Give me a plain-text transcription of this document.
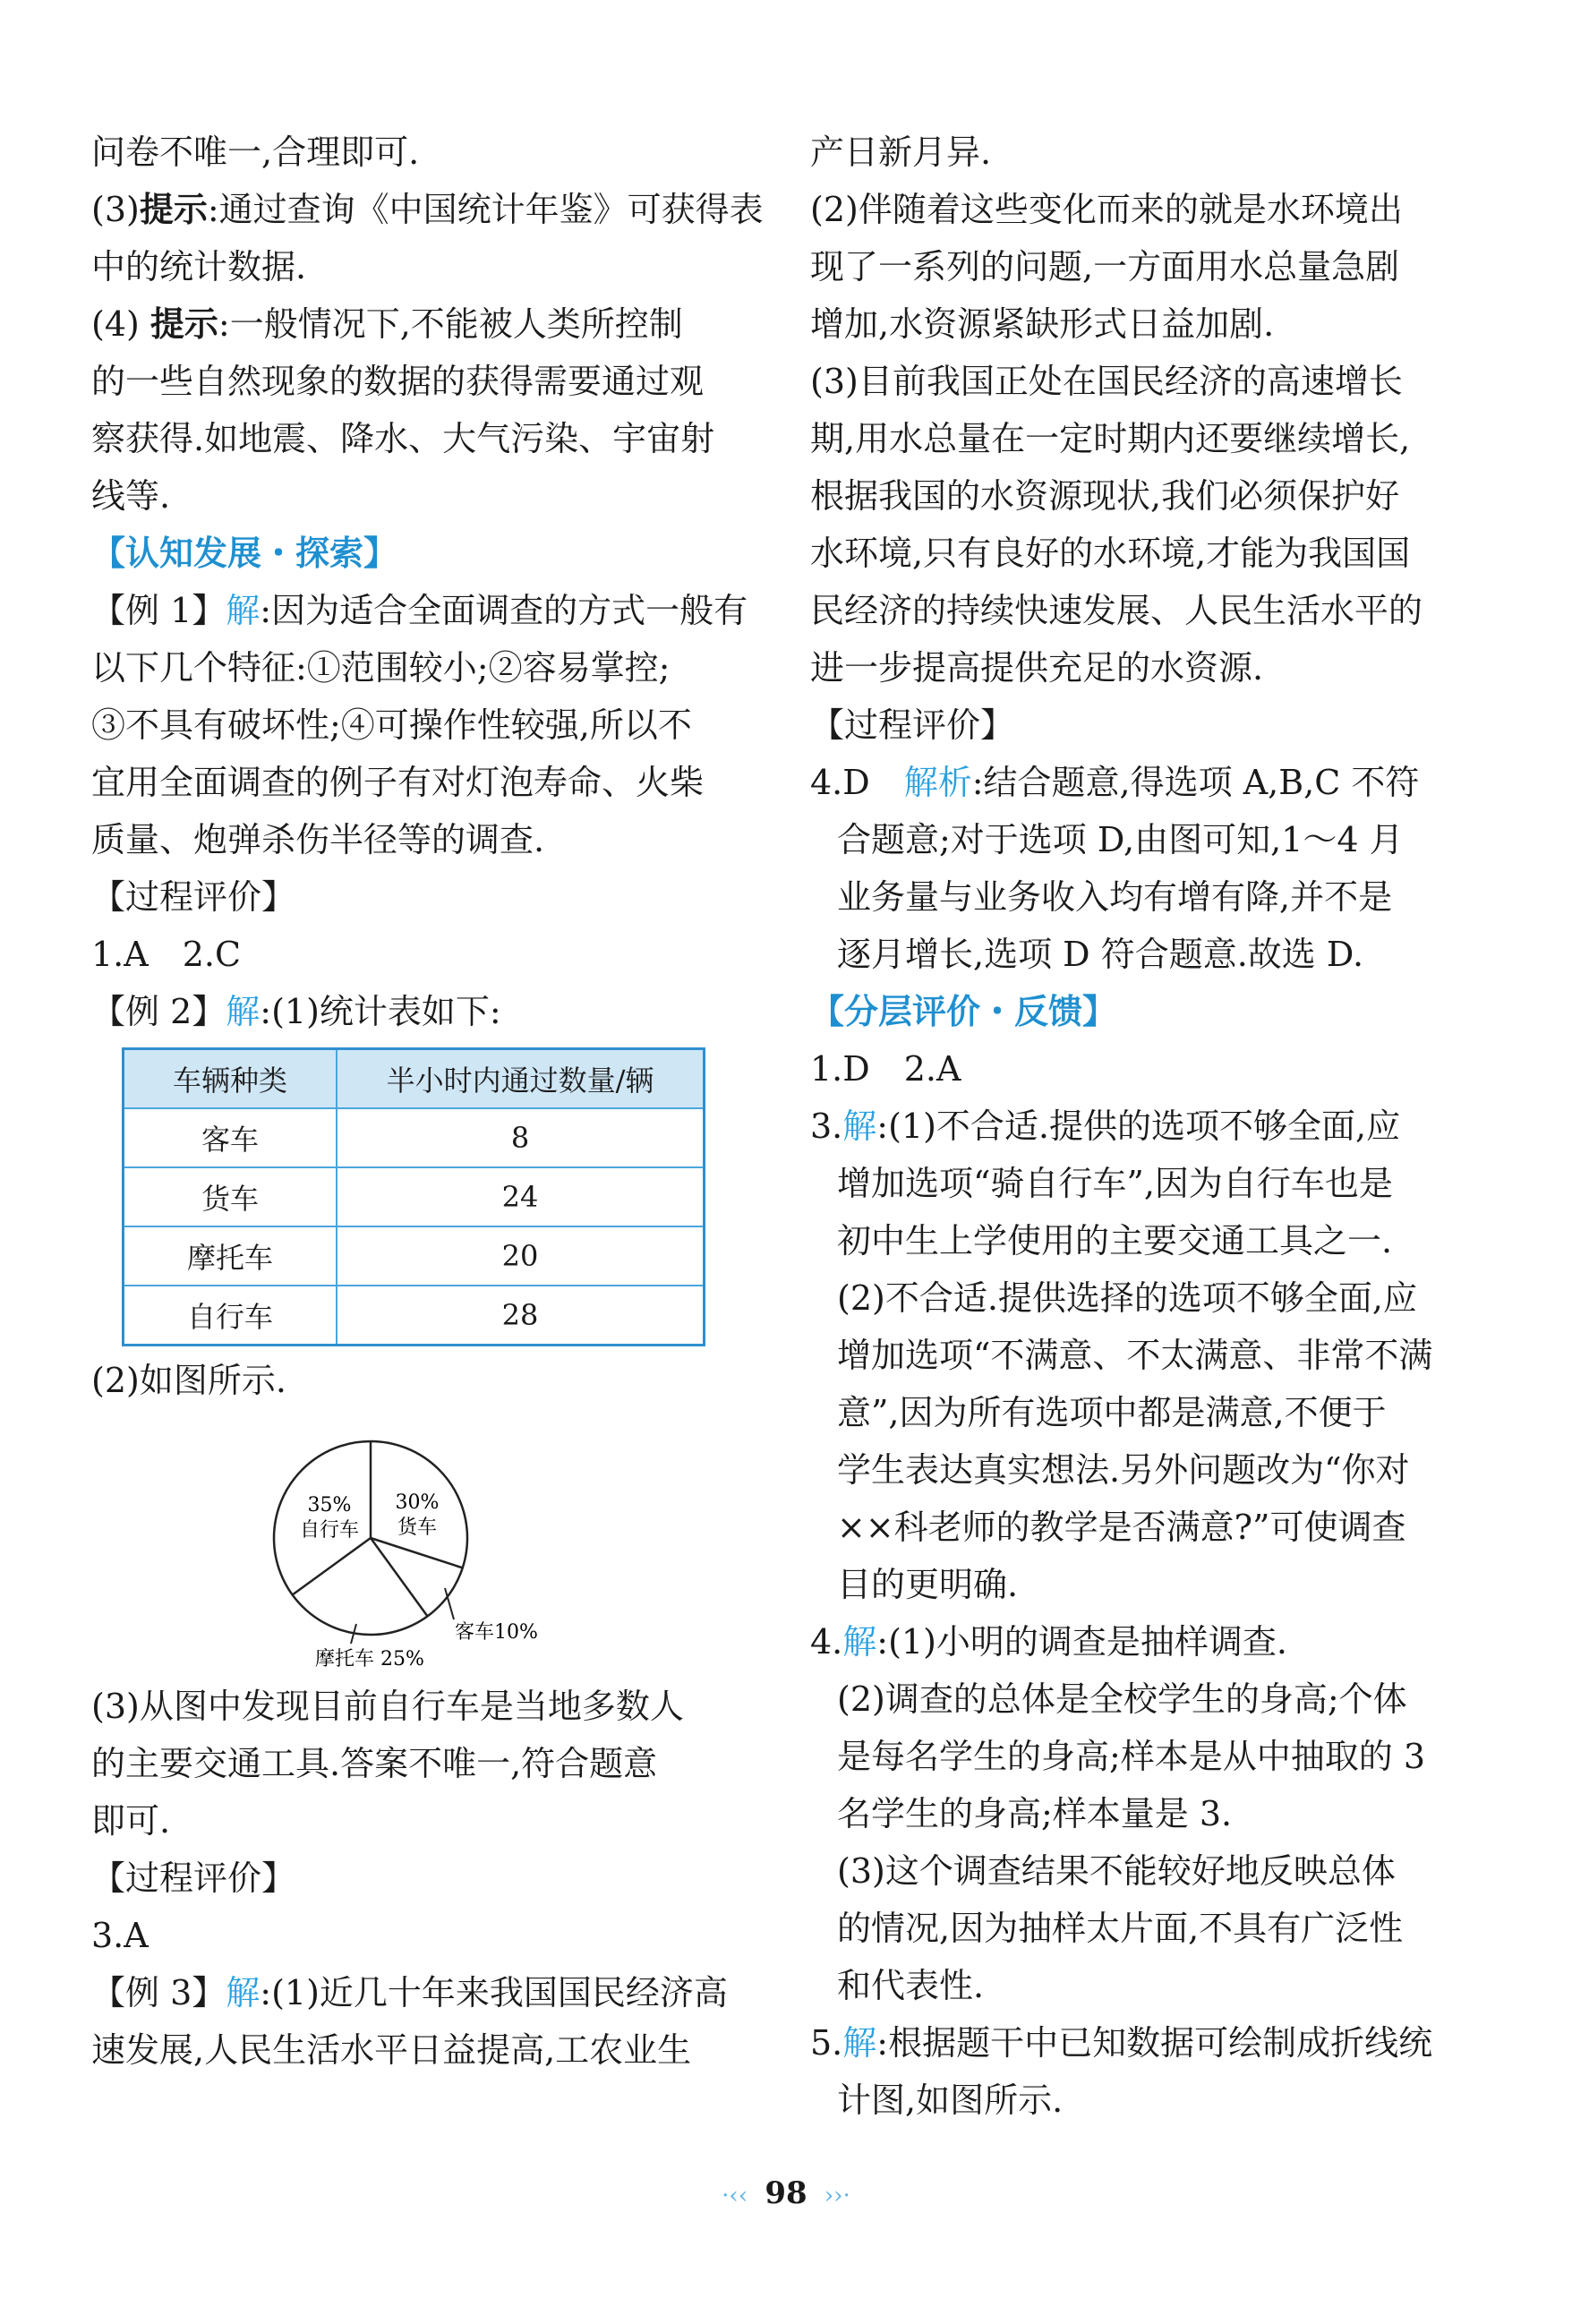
问卷不唯一,合理即可.
(3)提示:通过查询《中国统计年鉴》可获得表
中的统计数据.
(4) 提示:一般情况下,不能被人类所控制
的一些自然现象的数据的获得需要通过观
察获得.如地震、降水、大气污染、宇宙射
线等.
【认知发展・探索】
【例 1】解:因为适合全面调查的方式一般有
以下几个特征:①范围较小;②容易掌控;
③不具有破坏性;④可操作性较强,所以不
宜用全面调查的例子有对灯泡寿命、火柴
质量、炮弹杀伤半径等的调查.
【过程评价】
1.A　2.C
【例 2】解:(1)统计表如下:
车辆种类	半小时内通过数量/辆
客车	8
货车	24
摩托车	20
自行车	28
(2)如图所示.
35%
自行车
30%
货车
客车10%
摩托车 25%
(3)从图中发现目前自行车是当地多数人
的主要交通工具.答案不唯一,符合题意
即可.
【过程评价】
3.A
【例 3】解:(1)近几十年来我国国民经济高
速发展,人民生活水平日益提高,工农业生
产日新月异.
(2)伴随着这些变化而来的就是水环境出
现了一系列的问题,一方面用水总量急剧
增加,水资源紧缺形式日益加剧.
(3)目前我国正处在国民经济的高速增长
期,用水总量在一定时期内还要继续增长,
根据我国的水资源现状,我们必须保护好
水环境,只有良好的水环境,才能为我国国
民经济的持续快速发展、人民生活水平的
进一步提高提供充足的水资源.
【过程评价】
4.D　解析:结合题意,得选项 A,B,C 不符
合题意;对于选项 D,由图可知,1～4 月
业务量与业务收入均有增有降,并不是
逐月增长,选项 D 符合题意.故选 D.
【分层评价・反馈】
1.D　2.A
3.解:(1)不合适.提供的选项不够全面,应
增加选项“骑自行车”,因为自行车也是
初中生上学使用的主要交通工具之一.
(2)不合适.提供选择的选项不够全面,应
增加选项“不满意、不太满意、非常不满
意”,因为所有选项中都是满意,不便于
学生表达真实想法.另外问题改为“你对
××科老师的教学是否满意?”可使调查
目的更明确.
4.解:(1)小明的调查是抽样调查.
(2)调查的总体是全校学生的身高;个体
是每名学生的身高;样本是从中抽取的 3
名学生的身高;样本量是 3.
(3)这个调查结果不能较好地反映总体
的情况,因为抽样太片面,不具有广泛性
和代表性.
5.解:根据题干中已知数据可绘制成折线统
计图,如图所示.
·‹‹ 98 ››·
